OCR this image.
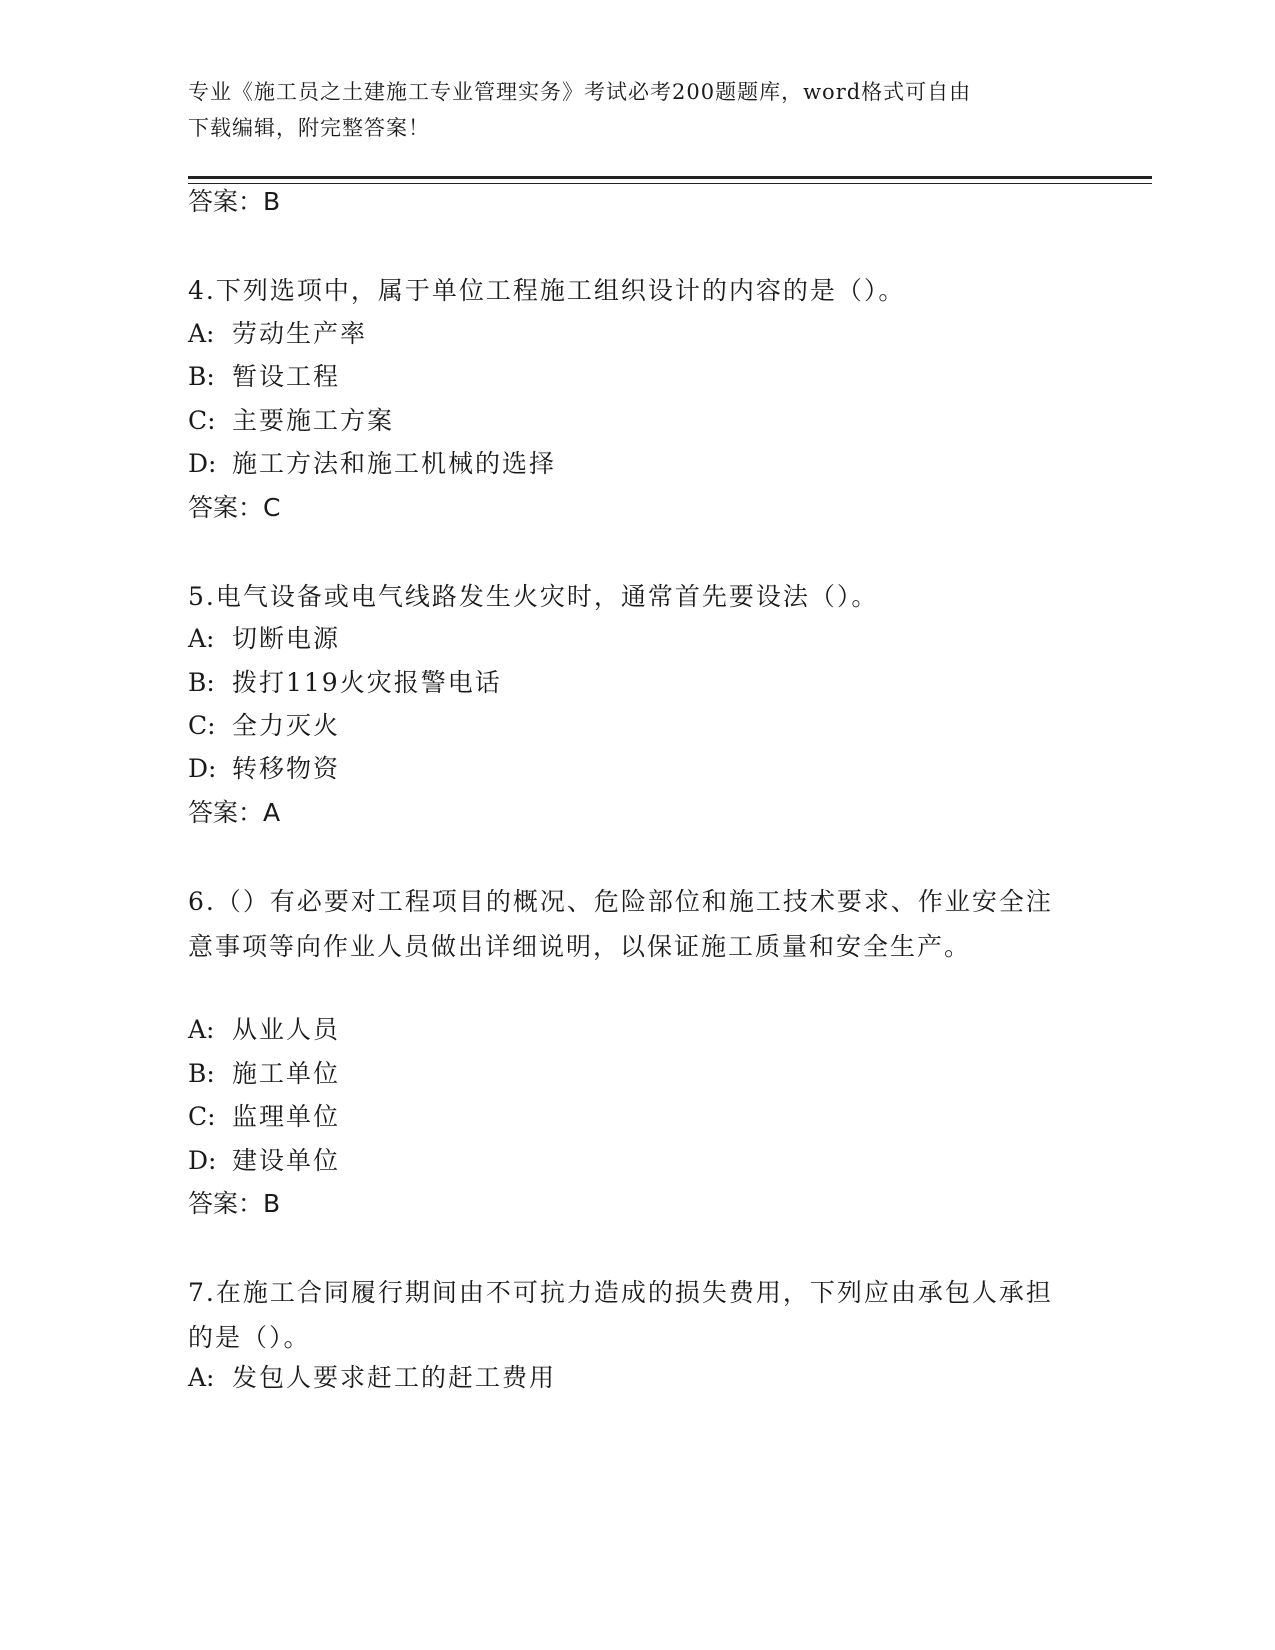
专业《施工员之土建施工专业管理实务》考试必考200题题库，word格式可自由
下载编辑，附完整答案！
答案：B
4.下列选项中，属于单位工程施工组织设计的内容的是（）。
A: 劳动生产率
B: 暂设工程
C: 主要施工方案
D: 施工方法和施工机械的选择
答案：C
5.电气设备或电气线路发生火灾时，通常首先要设法（）。
A: 切断电源
B: 拨打119火灾报警电话
C: 全力灭火
D: 转移物资
答案：A
6.（）有必要对工程项目的概况、危险部位和施工技术要求、作业安全注意事项等向作业人员做出详细说明，以保证施工质量和安全生产。
A: 从业人员
B: 施工单位
C: 监理单位
D: 建设单位
答案：B
7.在施工合同履行期间由不可抗力造成的损失费用，下列应由承包人承担的是（）。
A: 发包人要求赶工的赶工费用
